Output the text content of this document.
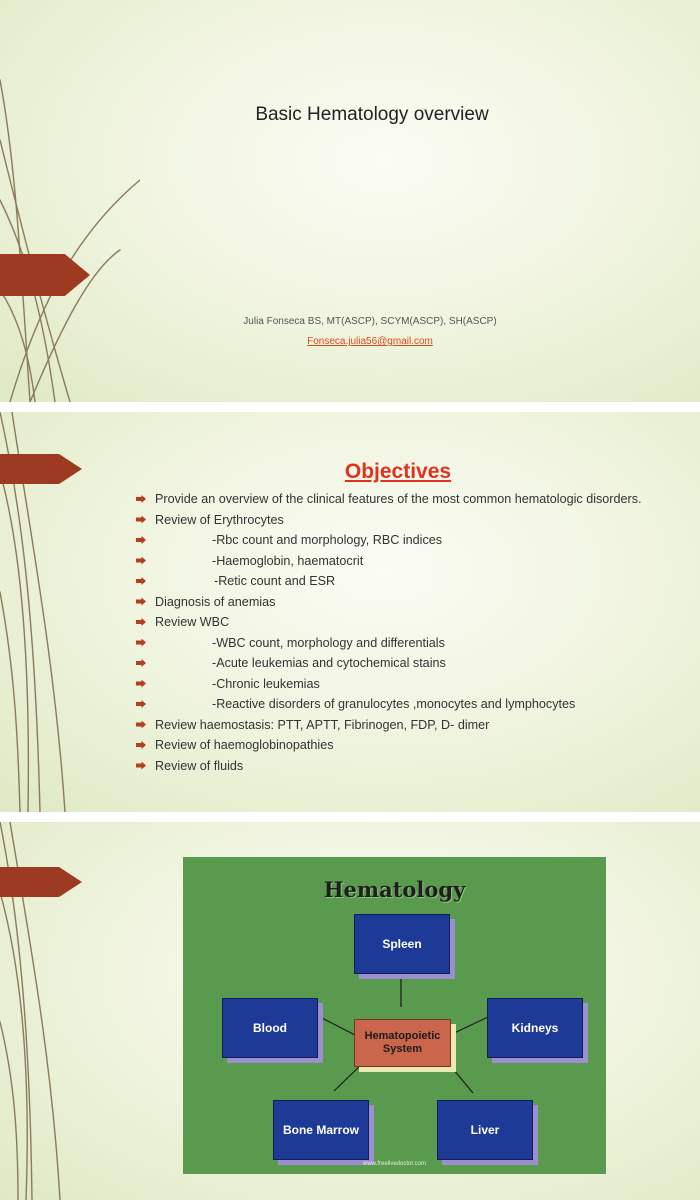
Basic Hematology overview
Julia Fonseca BS, MT(ASCP), SCYM(ASCP), SH(ASCP)
Fonseca.julia56@gmail.com
Objectives
Provide an overview of the clinical features of the most common hematologic disorders.
Review of Erythrocytes
-Rbc count and morphology, RBC indices
-Haemoglobin, haematocrit
-Retic count and ESR
Diagnosis of anemias
Review WBC
-WBC count, morphology and differentials
-Acute leukemias and cytochemical stains
-Chronic leukemias
-Reactive disorders of granulocytes ,monocytes and lymphocytes
Review haemostasis: PTT, APTT, Fibrinogen, FDP, D- dimer
Review of haemoglobinopathies
Review of fluids
Hematology
Spleen
Blood	Kidneys
Hematopoietic System
Bone Marrow	Liver
www.freelivedoctor.com
